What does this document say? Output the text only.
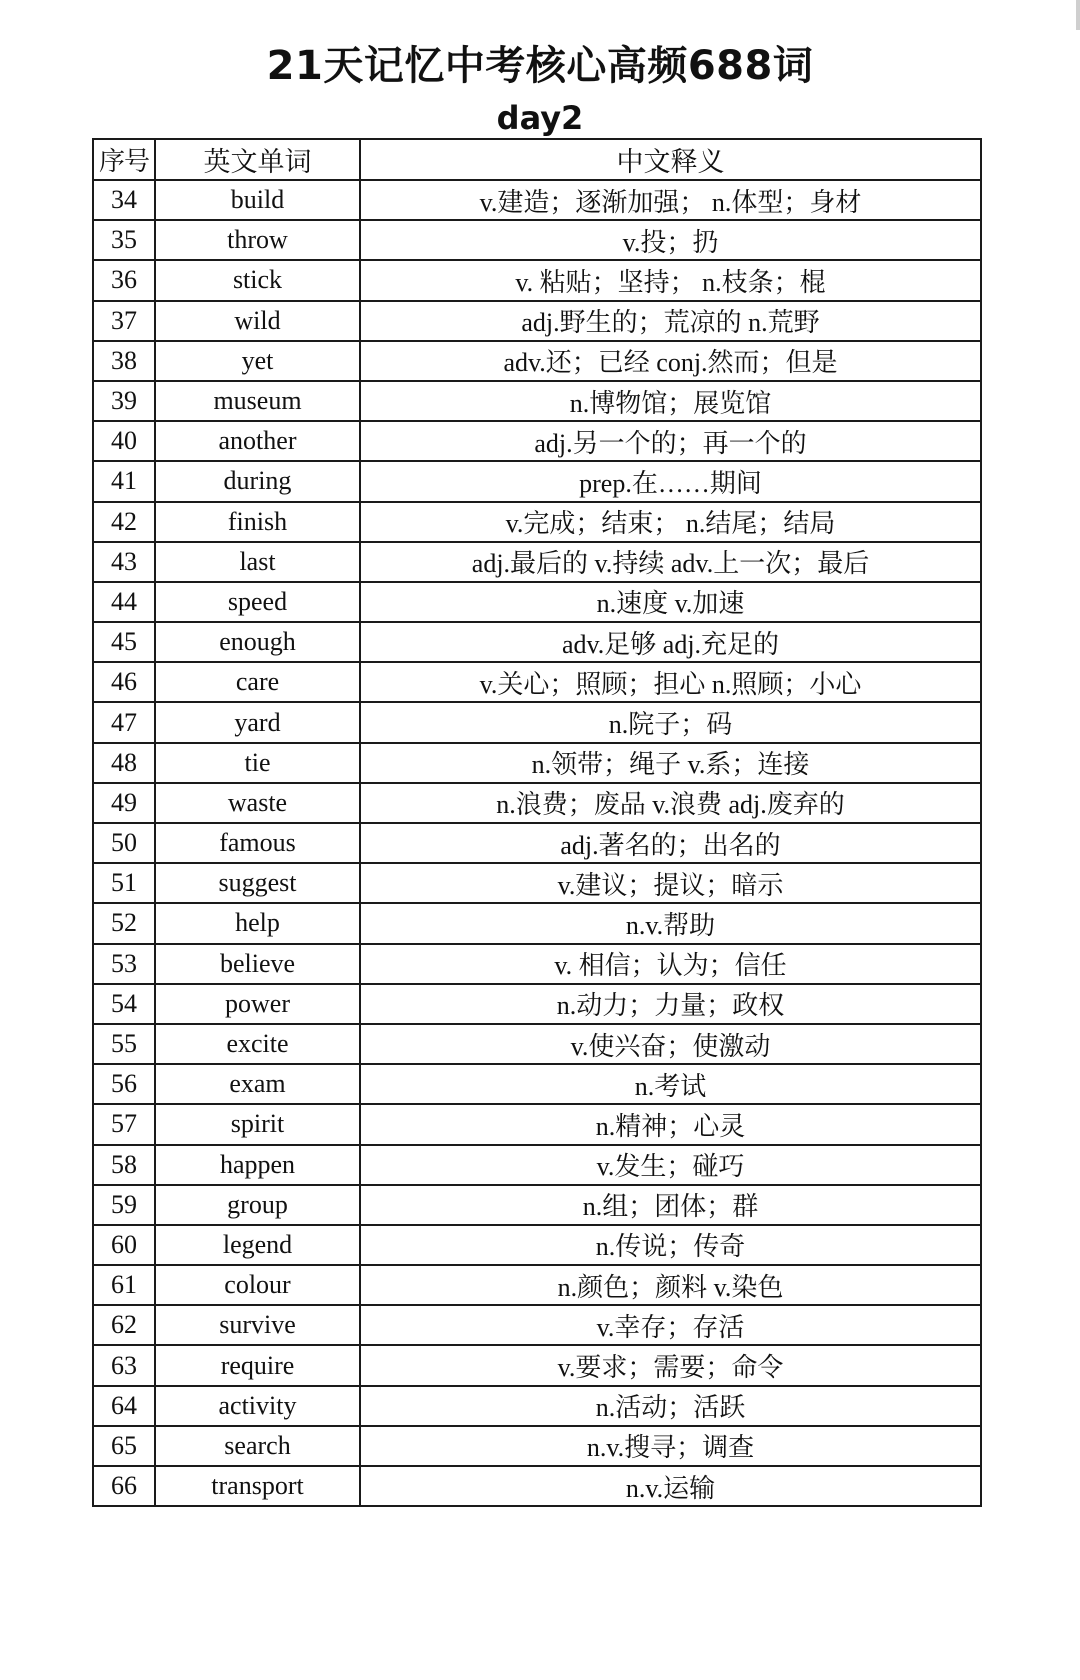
21天记忆中考核心高频688词
day2
序号	英文单词	中文释义
34	build	v.建造；逐渐加强； n.体型；身材
35	throw	v.投；扔
36	stick	v. 粘贴；坚持； n.枝条；棍
37	wild	adj.野生的；荒凉的 n.荒野
38	yet	adv.还；已经 conj.然而；但是
39	museum	n.博物馆；展览馆
40	another	adj.另一个的；再一个的
41	during	prep.在……期间
42	finish	v.完成；结束； n.结尾；结局
43	last	adj.最后的 v.持续 adv.上一次；最后
44	speed	n.速度 v.加速
45	enough	adv.足够 adj.充足的
46	care	v.关心；照顾；担心 n.照顾；小心
47	yard	n.院子；码
48	tie	n.领带；绳子 v.系；连接
49	waste	n.浪费；废品 v.浪费 adj.废弃的
50	famous	adj.著名的；出名的
51	suggest	v.建议；提议；暗示
52	help	n.v.帮助
53	believe	v. 相信；认为；信任
54	power	n.动力；力量；政权
55	excite	v.使兴奋；使激动
56	exam	n.考试
57	spirit	n.精神；心灵
58	happen	v.发生；碰巧
59	group	n.组；团体；群
60	legend	n.传说；传奇
61	colour	n.颜色；颜料 v.染色
62	survive	v.幸存；存活
63	require	v.要求；需要；命令
64	activity	n.活动；活跃
65	search	n.v.搜寻；调查
66	transport	n.v.运输
